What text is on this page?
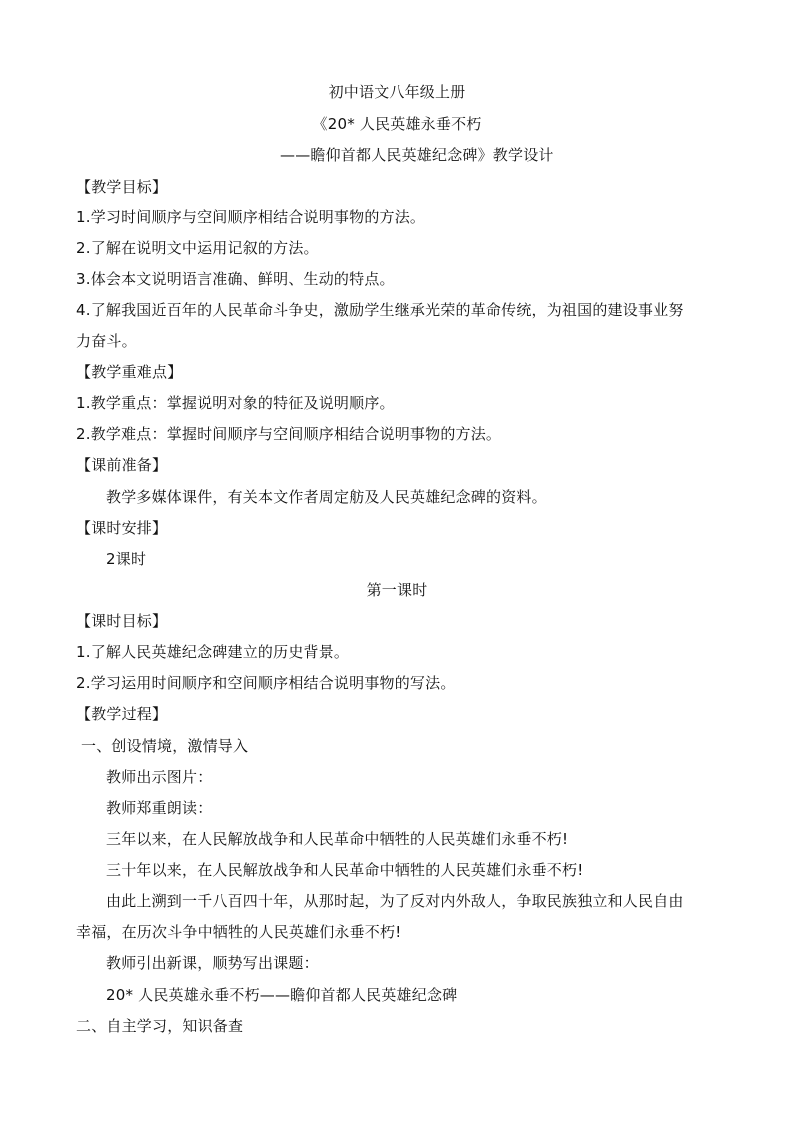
初中语文八年级上册
《20* 人民英雄永垂不朽
——瞻仰首都人民英雄纪念碑》教学设计
【教学目标】
1.学习时间顺序与空间顺序相结合说明事物的方法。
2.了解在说明文中运用记叙的方法。
3.体会本文说明语言准确、鲜明、生动的特点。
4.了解我国近百年的人民革命斗争史，激励学生继承光荣的革命传统，为祖国的建设事业努
力奋斗。
【教学重难点】
1.教学重点：掌握说明对象的特征及说明顺序。
2.教学难点：掌握时间顺序与空间顺序相结合说明事物的方法。
【课前准备】
教学多媒体课件，有关本文作者周定舫及人民英雄纪念碑的资料。
【课时安排】
2课时
第一课时
【课时目标】
1.了解人民英雄纪念碑建立的历史背景。
2.学习运用时间顺序和空间顺序相结合说明事物的写法。
【教学过程】
一、创设情境，激情导入
教师出示图片：
教师郑重朗读：
三年以来，在人民解放战争和人民革命中牺牲的人民英雄们永垂不朽!
三十年以来，在人民解放战争和人民革命中牺牲的人民英雄们永垂不朽!
由此上溯到一千八百四十年，从那时起，为了反对内外敌人，争取民族独立和人民自由
幸福，在历次斗争中牺牲的人民英雄们永垂不朽!
教师引出新课，顺势写出课题：
20* 人民英雄永垂不朽——瞻仰首都人民英雄纪念碑
二、自主学习，知识备查
